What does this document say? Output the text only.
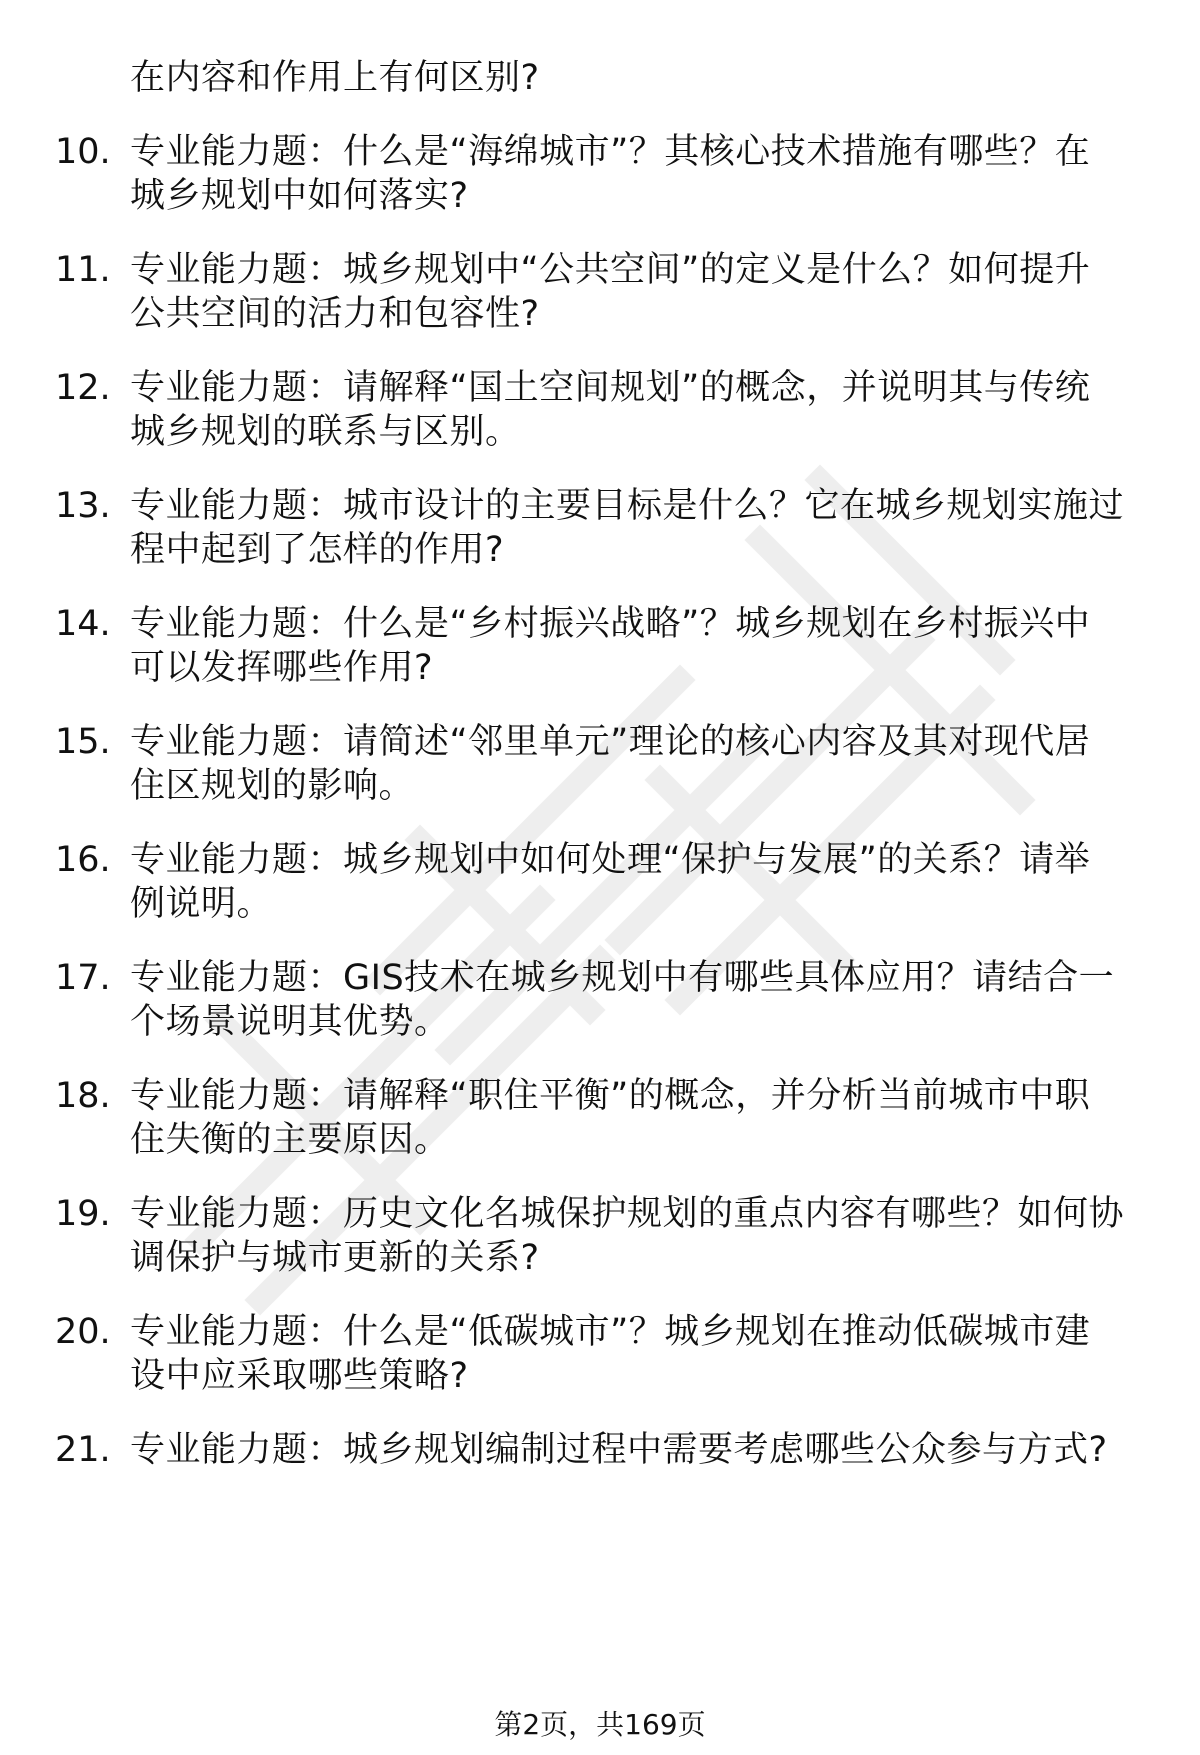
在内容和作用上有何区别?
10. 专业能力题：什么是“海绵城市”？其核心技术措施有哪些？在
城乡规划中如何落实?
11. 专业能力题：城乡规划中“公共空间”的定义是什么？如何提升
公共空间的活力和包容性?
12. 专业能力题：请解释“国土空间规划”的概念，并说明其与传统
城乡规划的联系与区别。
13. 专业能力题：城市设计的主要目标是什么？它在城乡规划实施过
程中起到了怎样的作用?
14. 专业能力题：什么是“乡村振兴战略”？城乡规划在乡村振兴中
可以发挥哪些作用?
15. 专业能力题：请简述“邻里单元”理论的核心内容及其对现代居
住区规划的影响。
16. 专业能力题：城乡规划中如何处理“保护与发展”的关系？请举
例说明。
17. 专业能力题：GIS技术在城乡规划中有哪些具体应用？请结合一
个场景说明其优势。
18. 专业能力题：请解释“职住平衡”的概念，并分析当前城市中职
住失衡的主要原因。
19. 专业能力题：历史文化名城保护规划的重点内容有哪些？如何协
调保护与城市更新的关系?
20. 专业能力题：什么是“低碳城市”？城乡规划在推动低碳城市建
设中应采取哪些策略?
21. 专业能力题：城乡规划编制过程中需要考虑哪些公众参与方式?
第2页，共169页
